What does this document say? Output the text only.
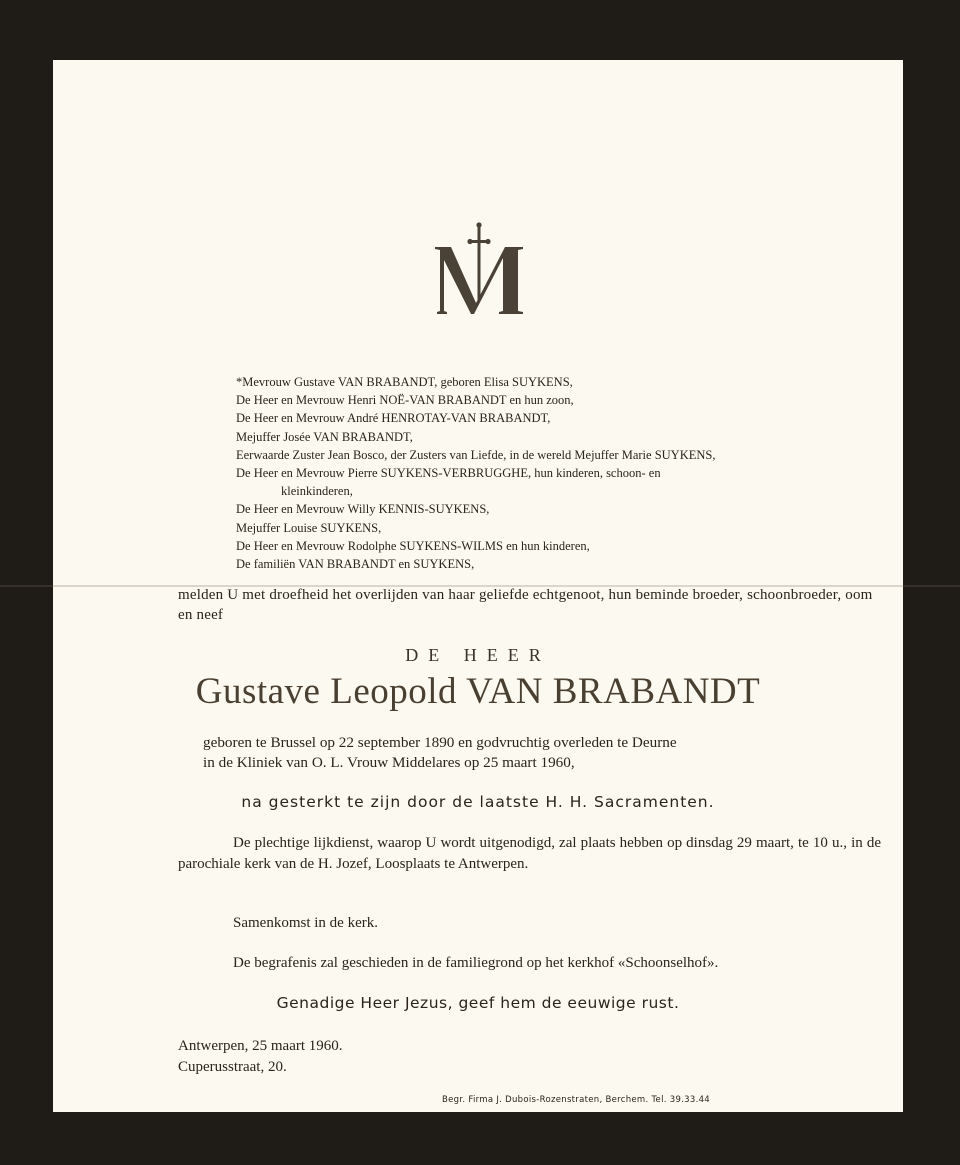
*Mevrouw Gustave VAN BRABANDT, geboren Elisa SUYKENS,
De Heer en Mevrouw Henri NOË-VAN BRABANDT en hun zoon,
De Heer en Mevrouw André HENROTAY-VAN BRABANDT,
Mejuffer Josée VAN BRABANDT,
Eerwaarde Zuster Jean Bosco, der Zusters van Liefde, in de wereld Mejuffer Marie SUYKENS,
De Heer en Mevrouw Pierre SUYKENS-VERBRUGGHE, hun kinderen, schoon- en
kleinkinderen,
De Heer en Mevrouw Willy KENNIS-SUYKENS,
Mejuffer Louise SUYKENS,
De Heer en Mevrouw Rodolphe SUYKENS-WILMS en hun kinderen,
De familiën VAN BRABANDT en SUYKENS,
melden U met droefheid het overlijden van haar geliefde echtgenoot, hun beminde broeder, schoonbroeder, oom en neef
DE HEER
Gustave Leopold VAN BRABANDT
geboren te Brussel op 22 september 1890 en godvruchtig overleden te Deurne
in de Kliniek van O. L. Vrouw Middelares op 25 maart 1960,
na gesterkt te zijn door de laatste H. H. Sacramenten.
De plechtige lijkdienst, waarop U wordt uitgenodigd, zal plaats hebben op dinsdag 29 maart, te 10 u., in de parochiale kerk van de H. Jozef, Loosplaats te Antwerpen.
Samenkomst in de kerk.
De begrafenis zal geschieden in de familiegrond op het kerkhof «Schoonselhof».
Genadige Heer Jezus, geef hem de eeuwige rust.
Antwerpen, 25 maart 1960.
Cuperusstraat, 20.
Begr. Firma J. Dubois-Rozenstraten, Berchem. Tel. 39.33.44
